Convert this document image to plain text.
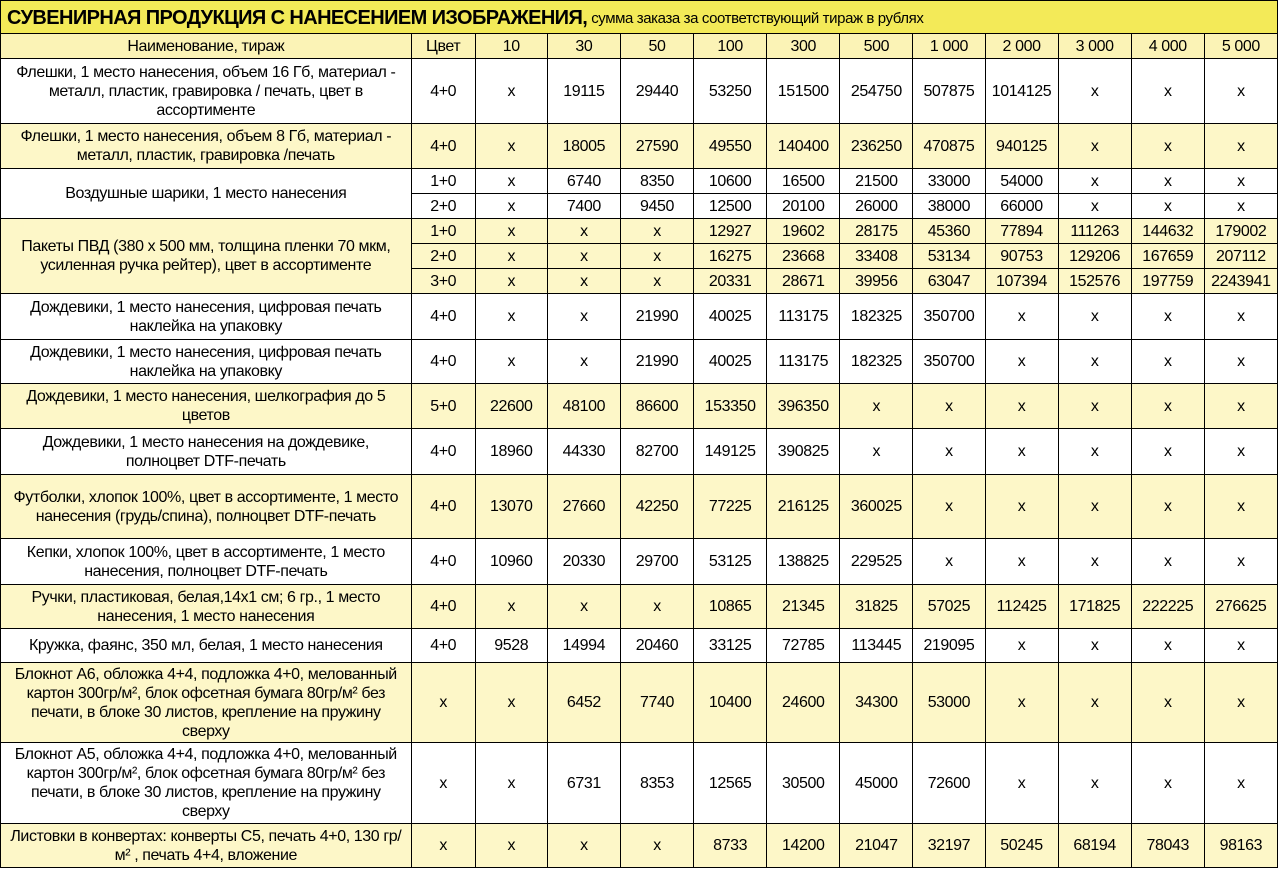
СУВЕНИРНАЯ ПРОДУКЦИЯ С НАНЕСЕНИЕМ ИЗОБРАЖЕНИЯ, сумма заказа за соответствующий тираж в рублях
Наименование, тираж	Цвет	10	30	50	100	300	500	1 000	2 000	3 000	4 000	5 000
Флешки, 1 место нанесения, объем 16 Гб, материал - металл, пластик, гравировка / печать, цвет в ассортименте	4+0	x	19115	29440	53250	151500	254750	507875	1014125	x	x	x
Флешки, 1 место нанесения, объем 8 Гб, материал - металл, пластик, гравировка /печать	4+0	x	18005	27590	49550	140400	236250	470875	940125	x	x	x
Воздушные шарики, 1 место нанесения	1+0	x	6740	8350	10600	16500	21500	33000	54000	x	x	x
	2+0	x	7400	9450	12500	20100	26000	38000	66000	x	x	x
Пакеты ПВД (380 х 500 мм, толщина пленки 70 мкм, усиленная ручка рейтер), цвет в ассортименте	1+0	x	x	x	12927	19602	28175	45360	77894	111263	144632	179002
	2+0	x	x	x	16275	23668	33408	53134	90753	129206	167659	207112
	3+0	x	x	x	20331	28671	39956	63047	107394	152576	197759	2243941
Дождевики, 1 место нанесения, цифровая печать наклейка на упаковку	4+0	x	x	21990	40025	113175	182325	350700	x	x	x	x
Дождевики, 1 место нанесения, цифровая печать наклейка на упаковку	4+0	x	x	21990	40025	113175	182325	350700	x	x	x	x
Дождевики, 1 место нанесения, шелкография до 5 цветов	5+0	22600	48100	86600	153350	396350	x	x	x	x	x	x
Дождевики, 1 место нанесения на дождевике, полноцвет DTF-печать	4+0	18960	44330	82700	149125	390825	x	x	x	x	x	x
Футболки, хлопок 100%, цвет в ассортименте, 1 место нанесения (грудь/спина), полноцвет DTF-печать	4+0	13070	27660	42250	77225	216125	360025	x	x	x	x	x
Кепки, хлопок 100%, цвет в ассортименте, 1 место нанесения, полноцвет DTF-печать	4+0	10960	20330	29700	53125	138825	229525	x	x	x	x	x
Ручки, пластиковая, белая,14х1 см; 6 гр., 1 место нанесения, 1 место нанесения	4+0	x	x	x	10865	21345	31825	57025	112425	171825	222225	276625
Кружка, фаянс, 350 мл, белая, 1 место нанесения	4+0	9528	14994	20460	33125	72785	113445	219095	x	x	x	x
Блокнот А6, обложка 4+4, подложка 4+0, мелованный картон 300гр/м², блок офсетная бумага 80гр/м² без печати, в блоке 30 листов, крепление на пружину сверху	x	x	6452	7740	10400	24600	34300	53000	x	x	x	x
Блокнот А5, обложка 4+4, подложка 4+0, мелованный картон 300гр/м², блок офсетная бумага 80гр/м² без печати, в блоке 30 листов, крепление на пружину сверху	x	x	6731	8353	12565	30500	45000	72600	x	x	x	x
Листовки в конвертах: конверты С5, печать 4+0, 130 гр/м² , печать 4+4, вложение	x	x	x	x	8733	14200	21047	32197	50245	68194	78043	98163
